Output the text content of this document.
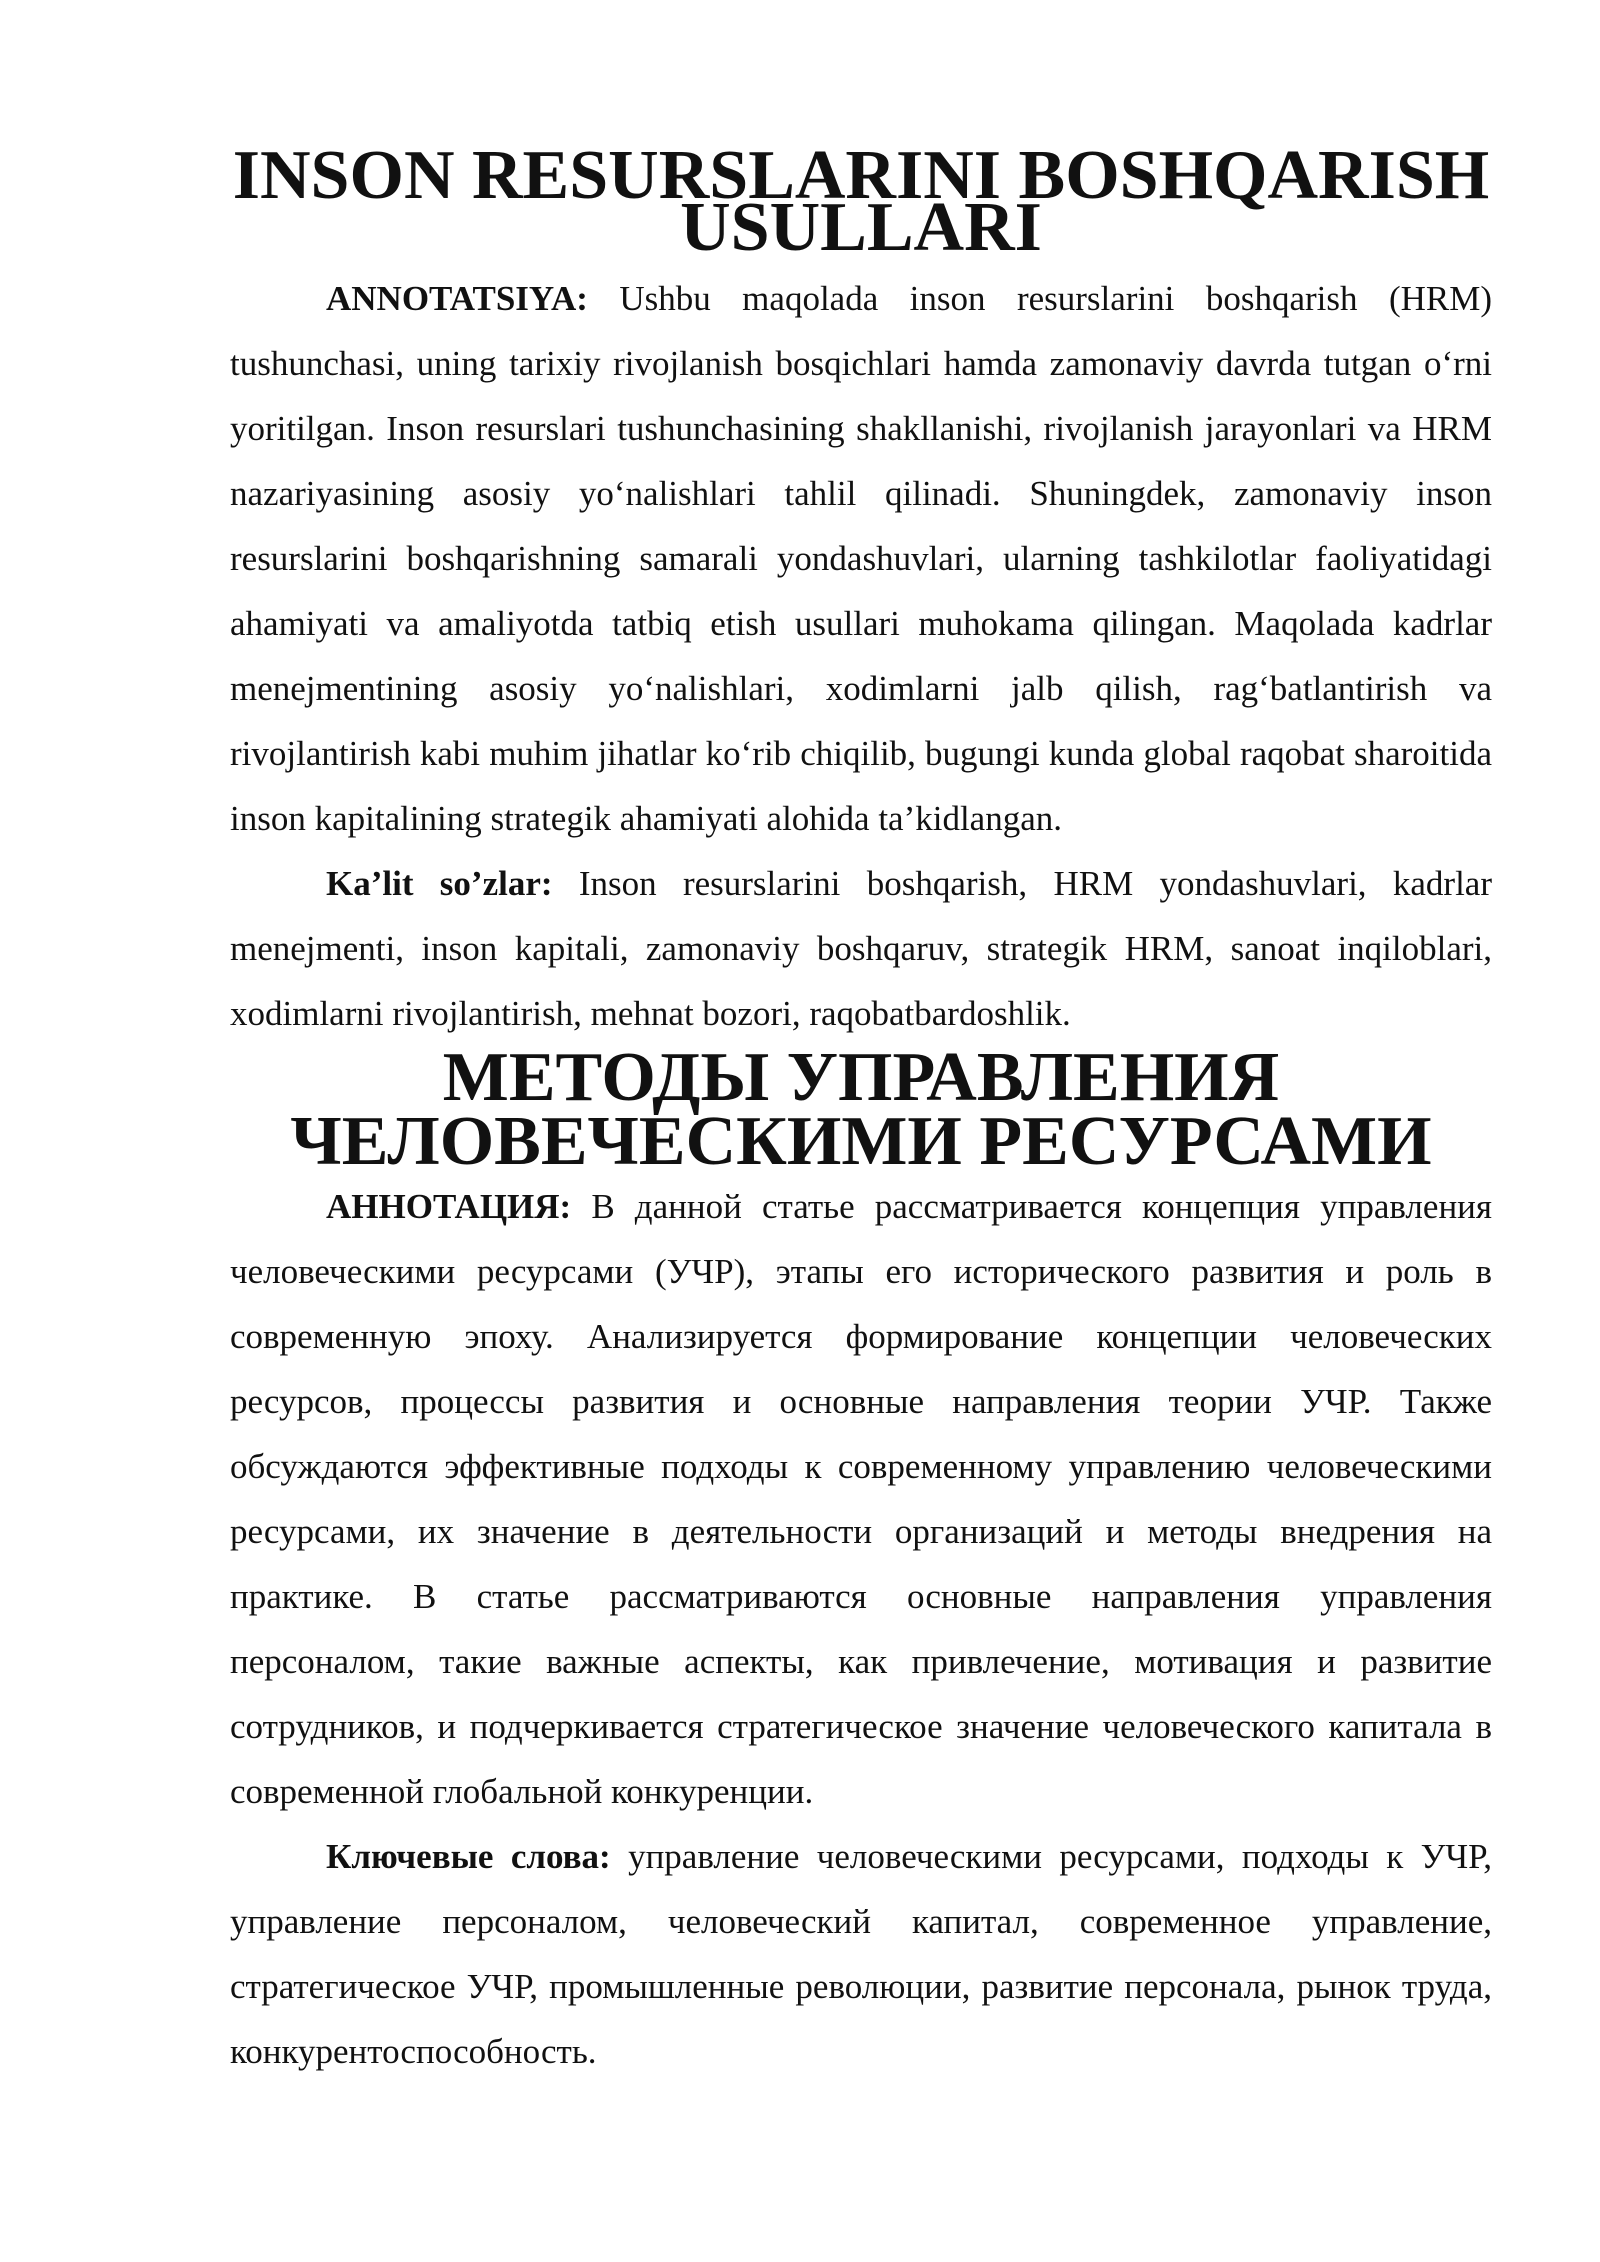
INSON RESURSLARINI BOSHQARISH USULLARI

ANNOTATSIYA: Ushbu maqolada inson resurslarini boshqarish (HRM) tushunchasi, uning tarixiy rivojlanish bosqichlari hamda zamonaviy davrda tutgan o‘rni yoritilgan. Inson resurslari tushunchasining shakllanishi, rivojlanish jarayonlari va HRM nazariyasining asosiy yo‘nalishlari tahlil qilinadi. Shuningdek, zamonaviy inson resurslarini boshqarishning samarali yondashuvlari, ularning tashkilotlar faoliyatidagi ahamiyati va amaliyotda tatbiq etish usullari muhokama qilingan. Maqolada kadrlar menejmentining asosiy yo‘nalishlari, xodimlarni jalb qilish, rag‘batlantirish va rivojlantirish kabi muhim jihatlar ko‘rib chiqilib, bugungi kunda global raqobat sharoitida inson kapitalining strategik ahamiyati alohida ta’kidlangan.

Ka’lit so’zlar: Inson resurslarini boshqarish, HRM yondashuvlari, kadrlar menejmenti, inson kapitali, zamonaviy boshqaruv, strategik HRM, sanoat inqiloblari, xodimlarni rivojlantirish, mehnat bozori, raqobatbardoshlik.

МЕТОДЫ УПРАВЛЕНИЯ ЧЕЛОВЕЧЕСКИМИ РЕСУРСАМИ

АННОТАЦИЯ: В данной статье рассматривается концепция управления человеческими ресурсами (УЧР), этапы его исторического развития и роль в современную эпоху. Анализируется формирование концепции человеческих ресурсов, процессы развития и основные направления теории УЧР. Также обсуждаются эффективные подходы к современному управлению человеческими ресурсами, их значение в деятельности организаций и методы внедрения на практике. В статье рассматриваются основные направления управления персоналом, такие важные аспекты, как привлечение, мотивация и развитие сотрудников, и подчеркивается стратегическое значение человеческого капитала в современной глобальной конкуренции.

Ключевые слова: управление человеческими ресурсами, подходы к УЧР, управление персоналом, человеческий капитал, современное управление, стратегическое УЧР, промышленные революции, развитие персонала, рынок труда, конкурентоспособность.
